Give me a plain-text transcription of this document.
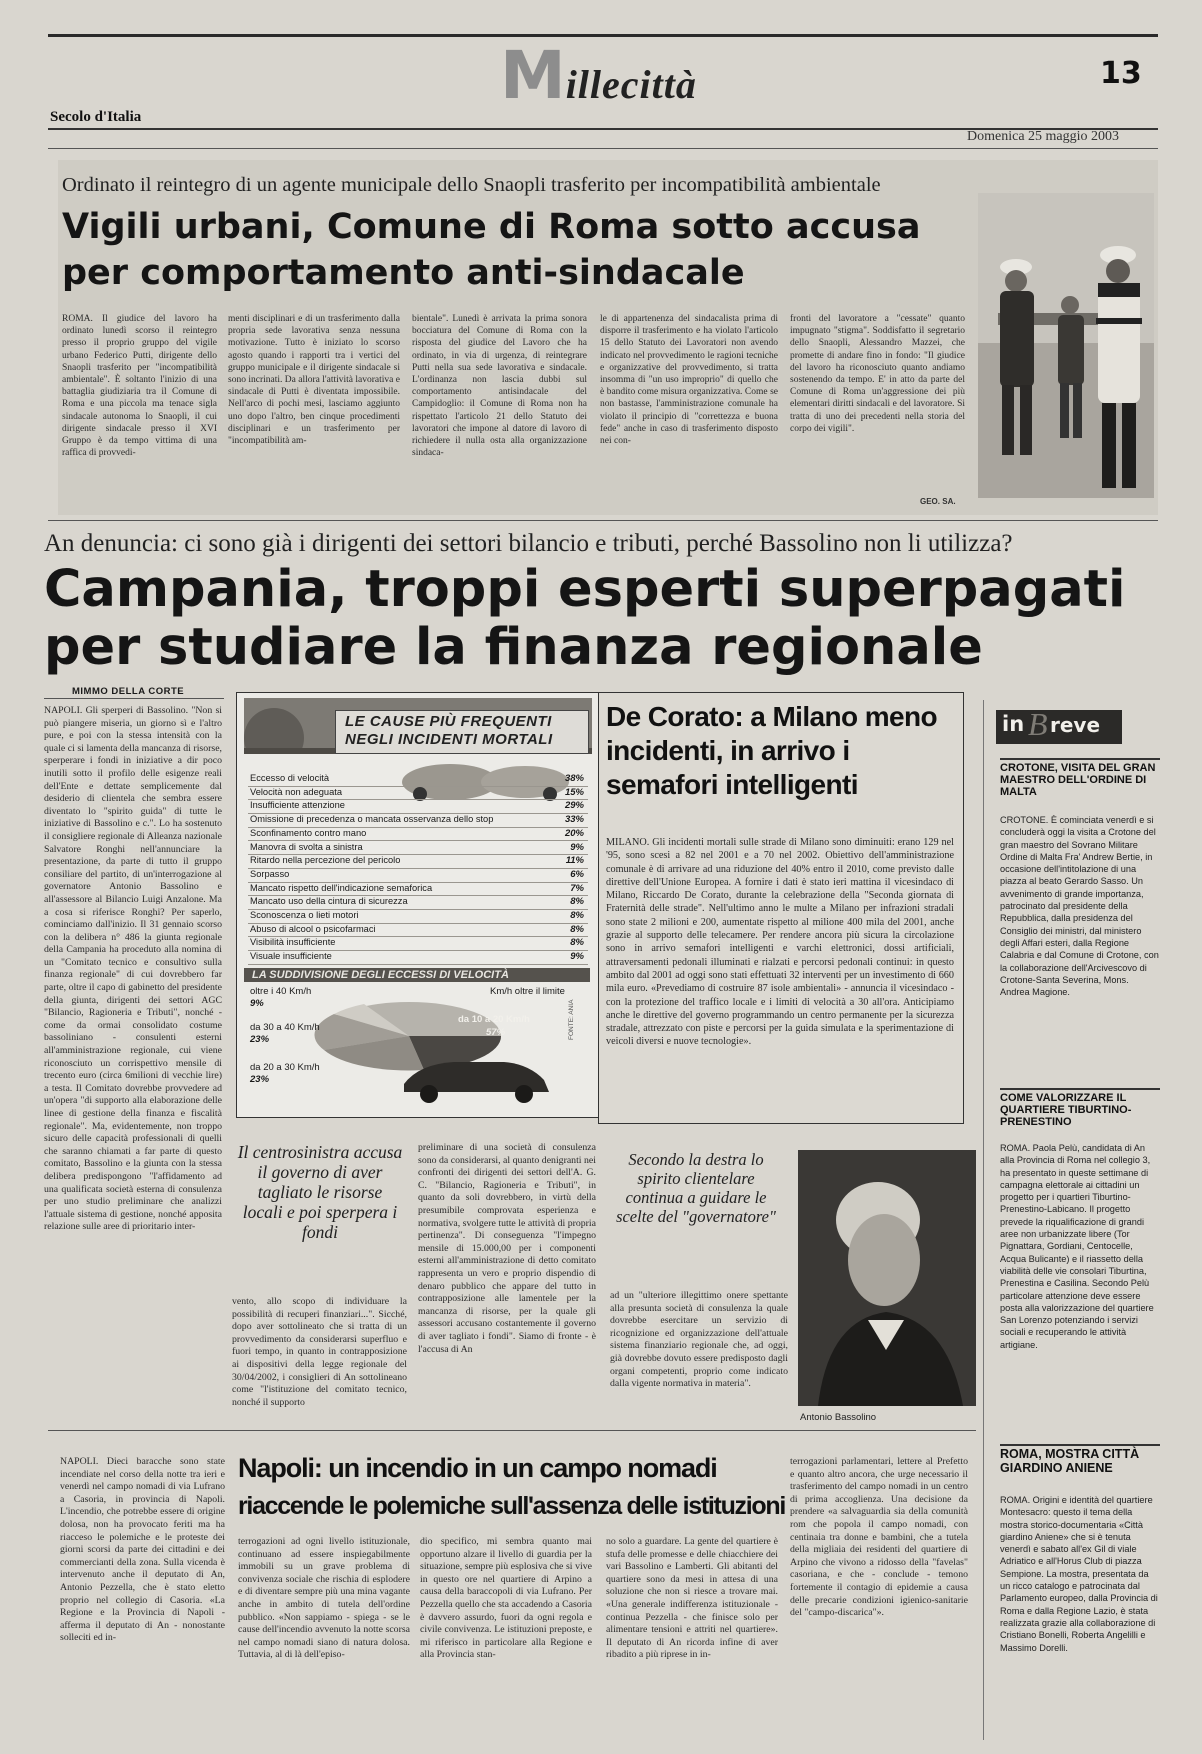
Millecittà	13
Secolo d'Italia
Domenica 25 maggio 2003
Ordinato il reintegro di un agente municipale dello Snaopli trasferito per incompatibilità ambientale
Vigili urbani, Comune di Roma sotto accusa
per comportamento anti-sindacale
ROMA. Il giudice del lavoro ha ordinato lunedì scorso il reintegro presso il proprio gruppo del vigile urbano Federico Putti, dirigente dello Snaopli trasferito per "incompatibilità ambientale". È soltanto l'inizio di una battaglia giudiziaria tra il Comune di Roma e una piccola ma tenace sigla sindacale autonoma lo Snaopli, il cui dirigente sindacale presso il XVI Gruppo è da tempo vittima di una raffica di provvedi-
menti disciplinari e di un trasferimento dalla propria sede lavorativa senza nessuna motivazione. Tutto è iniziato lo scorso agosto quando i rapporti tra i vertici del gruppo municipale e il dirigente sindacale si sono incrinati. Da allora l'attività lavorativa e sindacale di Putti è diventata impossibile. Nell'arco di pochi mesi, lasciamo aggiunto uno dopo l'altro, ben cinque procedimenti disciplinari e un trasferimento per "incompatibilità am-
bientale". Lunedì è arrivata la prima sonora bocciatura del Comune di Roma con la risposta del giudice del Lavoro che ha ordinato, in via di urgenza, di reintegrare Putti nella sua sede lavorativa e sindacale. L'ordinanza non lascia dubbi sul comportamento antisindacale del Campidoglio: il Comune di Roma non ha rispettato l'articolo 21 dello Statuto dei lavoratori che impone al datore di lavoro di richiedere il nulla osta alla organizzazione sindaca-
le di appartenenza del sindacalista prima di disporre il trasferimento e ha violato l'articolo 15 dello Statuto dei Lavoratori non avendo indicato nel provvedimento le ragioni tecniche e organizzative del provvedimento, si tratta insomma di "un uso improprio" di quello che è bandito come misura organizzativa. Come se non bastasse, l'amministrazione comunale ha violato il principio di "correttezza e buona fede" anche in caso di trasferimento disposto nei con-
fronti del lavoratore a "cessate" quanto impugnato "stigma". Soddisfatto il segretario dello Snaopli, Alessandro Mazzei, che promette di andare fino in fondo: "Il giudice del lavoro ha riconosciuto quanto andiamo sostenendo da tempo. E' in atto da parte del Comune di Roma un'aggressione dei più elementari diritti sindacali e del lavoratore. Si tratta di uno dei precedenti nella storia del corpo dei vigili".
GEO. SA.
An denuncia: ci sono già i dirigenti dei settori bilancio e tributi, perché Bassolino non li utilizza?
Campania, troppi esperti superpagati
per studiare la finanza regionale
MIMMO DELLA CORTE
NAPOLI. Gli sperperi di Bassolino. "Non si può piangere miseria, un giorno sì e l'altro pure, e poi con la stessa intensità con la quale ci si lamenta della mancanza di risorse, sperperare i fondi in iniziative a dir poco inutili sotto il profilo delle esigenze reali dell'Ente e dettate semplicemente dal desiderio di clientela che sembra essere diventato lo "spirito guida" di tutte le iniziative di Bassolino e c.". Lo ha sostenuto il consigliere regionale di Alleanza nazionale Salvatore Ronghi nell'annunciare la presentazione, da parte di tutto il gruppo consiliare del partito, di un'interrogazione al governatore Antonio Bassolino e all'assessore al Bilancio Luigi Anzalone. Ma a cosa si riferisce Ronghi? Per saperlo, cominciamo dall'inizio. Il 31 gennaio scorso con la delibera n° 486 la giunta regionale della Campania ha proceduto alla nomina di un "Comitato tecnico e consultivo sulla finanza regionale" di cui dovrebbero far parte, oltre il capo di gabinetto del presidente della giunta, dirigenti dei settori AGC "Bilancio, Ragioneria e Tributi", nonché - come da ormai consolidato costume bassoliniano - consulenti esterni all'amministrazione regionale, cui viene riconosciuto un corrispettivo mensile di trecento euro (circa 6milioni di vecchie lire) a testa. Il Comitato dovrebbe provvedere ad un'opera "di supporto alla elaborazione delle linee di gestione della finanza e fiscalità regionale". Ma, evidentemente, non troppo sicuro delle capacità professionali di quelli che saranno chiamati a far parte di questo comitato, Bassolino e la giunta con la stessa delibera predispongono "l'affidamento ad una qualificata società esterna di consulenza per uno studio preliminare che analizzi l'attuale sistema di gestione, nonché apposita relazione sulle aree di prioritario inter-
LE CAUSE PIÙ FREQUENTI
NEGLI INCIDENTI MORTALI
Eccesso di velocità	38%
Velocità non adeguata	15%
Insufficiente attenzione	29%
Omissione di precedenza o mancata osservanza dello stop	33%
Sconfinamento contro mano	20%
Manovra di svolta a sinistra	9%
Ritardo nella percezione del pericolo	11%
Sorpasso	6%
Mancato rispetto dell'indicazione semaforica	7%
Mancato uso della cintura di sicurezza	8%
Sconoscenza o lieti motori	8%
Abuso di alcool o psicofarmaci	8%
Visibilità insufficiente	8%
Visuale insufficiente	9%
LA SUDDIVISIONE DEGLI ECCESSI DI VELOCITÀ
oltre i 40 Km/h
9%
da 30 a 40 Km/h
23%
da 20 a 30 Km/h
23%
da 10 a 20 Km/h
57%
Km/h oltre il limite
FONTE: ANIA
De Corato: a Milano meno incidenti, in arrivo i semafori intelligenti
MILANO. Gli incidenti mortali sulle strade di Milano sono diminuiti: erano 129 nel '95, sono scesi a 82 nel 2001 e a 70 nel 2002. Obiettivo dell'amministrazione comunale è di arrivare ad una riduzione del 40% entro il 2010, come previsto dalle direttive dell'Unione Europea. A fornire i dati è stato ieri mattina il vicesindaco di Milano, Riccardo De Corato, durante la celebrazione della "Seconda giornata di Fraternità delle strade". Nell'ultimo anno le multe a Milano per infrazioni stradali sono state 2 milioni e 200, aumentate rispetto al milione 400 mila del 2001, anche grazie al supporto delle telecamere. Per rendere ancora più sicura la circolazione sono in arrivo semafori intelligenti e varchi elettronici, dossi artificiali, attraversamenti pedonali illuminati e rialzati e percorsi pedonali continui: in questo ambito dal 2001 ad oggi sono stati effettuati 32 interventi per un investimento di 660 mila euro. «Prevediamo di costruire 87 isole ambientali» - annuncia il vicesindaco - con la protezione del traffico locale e i limiti di velocità a 30 all'ora. Anticipiamo anche le direttive del governo programmando un centro permanente per la sicurezza stradale, attrezzato con piste e percorsi per la guida simulata e la sperimentazione di veicoli diversi e nuove tecnologie».
Il centrosinistra accusa il governo di aver tagliato le risorse locali e poi sperpera i fondi
vento, allo scopo di individuare la possibilità di recuperi finanziari...". Sicché, dopo aver sottolineato che si tratta di un provvedimento da considerarsi superfluo e fuori tempo, in quanto in contrapposizione ai dispositivi della legge regionale del 30/04/2002, i consiglieri di An sottolineano come "l'istituzione del comitato tecnico, nonché il supporto
preliminare di una società di consulenza sono da considerarsi, al quanto denigranti nei confronti dei dirigenti dei settori dell'A. G. C. "Bilancio, Ragioneria e Tributi", in quanto da soli dovrebbero, in virtù della presumibile comprovata esperienza e normativa, svolgere tutte le attività di propria pertinenza". Di conseguenza "l'impegno mensile di 15.000,00 per i componenti esterni all'amministrazione di detto comitato rappresenta un vero e proprio dispendio di denaro pubblico che appare del tutto in contrapposizione alle lamentele per la mancanza di risorse, per la quale gli assessori accusano costantemente il governo di aver tagliato i fondi". Siamo di fronte - è l'accusa di An
Secondo la destra lo spirito clientelare continua a guidare le scelte del "governatore"
ad un "ulteriore illegittimo onere spettante alla presunta società di consulenza la quale dovrebbe esercitare un servizio di ricognizione ed organizzazione dell'attuale sistema finanziario regionale che, ad oggi, già dovrebbe dovuto essere predisposto dagli organi competenti, proprio come indicato dalla vigente normativa in materia".
Antonio Bassolino
in B reve
CROTONE, VISITA DEL GRAN MAESTRO DELL'ORDINE DI MALTA
CROTONE. È cominciata venerdì e si concluderà oggi la visita a Crotone del gran maestro del Sovrano Militare Ordine di Malta Fra' Andrew Bertie, in occasione dell'intitolazione di una piazza al beato Gerardo Sasso. Un avvenimento di grande importanza, patrocinato dal presidente della Repubblica, dalla presidenza del Consiglio dei ministri, dal ministero degli Affari esteri, dalla Regione Calabria e dal Comune di Crotone, con la collaborazione dell'Arcivescovo di Crotone-Santa Severina, Mons. Andrea Magione.
COME VALORIZZARE IL QUARTIERE TIBURTINO-PRENESTINO
ROMA. Paola Pelù, candidata di An alla Provincia di Roma nel collegio 3, ha presentato in queste settimane di campagna elettorale ai cittadini un progetto per i quartieri Tiburtino-Prenestino-Labicano. Il progetto prevede la riqualificazione di grandi aree non urbanizzate libere (Tor Pignattara, Gordiani, Centocelle, Acqua Bulicante) e il riassetto della viabilità delle vie consolari Tiburtina, Prenestina e Casilina. Secondo Pelù particolare attenzione deve essere posta alla valorizzazione del quartiere San Lorenzo potenziando i servizi sociali e recuperando le attività artigiane.
ROMA, MOSTRA CITTÀ GIARDINO ANIENE
ROMA. Origini e identità del quartiere Montesacro: questo il tema della mostra storico-documentaria «Città giardino Aniene» che si è tenuta venerdì e sabato all'ex Gil di viale Adriatico e all'Horus Club di piazza Sempione. La mostra, presentata da un ricco catalogo e patrocinata dal Parlamento europeo, dalla Provincia di Roma e dalla Regione Lazio, è stata realizzata grazie alla collaborazione di Cristiano Bonelli, Roberta Angelilli e Massimo Dorelli.
Napoli: un incendio in un campo nomadi
riaccende le polemiche sull'assenza delle istituzioni
NAPOLI. Dieci baracche sono state incendiate nel corso della notte tra ieri e venerdì nel campo nomadi di via Lufrano a Casoria, in provincia di Napoli. L'incendio, che potrebbe essere di origine dolosa, non ha provocato feriti ma ha riacceso le polemiche e le proteste dei giorni scorsi da parte dei cittadini e dei commercianti della zona. Sulla vicenda è intervenuto anche il deputato di An, Antonio Pezzella, che è stato eletto proprio nel collegio di Casoria. «La Regione e la Provincia di Napoli - afferma il deputato di An - nonostante solleciti ed in-
terrogazioni ad ogni livello istituzionale, continuano ad essere inspiegabilmente immobili su un grave problema di convivenza sociale che rischia di esplodere e di diventare sempre più una mina vagante anche in ambito di tutela dell'ordine pubblico. «Non sappiamo - spiega - se le cause dell'incendio avvenuto la notte scorsa nel campo nomadi siano di natura dolosa. Tuttavia, al di là dell'episo-
dio specifico, mi sembra quanto mai opportuno alzare il livello di guardia per la situazione, sempre più esplosiva che si vive in questo ore nel quartiere di Arpino a causa della baraccopoli di via Lufrano. Per Pezzella quello che sta accadendo a Casoria è davvero assurdo, fuori da ogni regola e civile convivenza. Le istituzioni preposte, e mi riferisco in particolare alla Regione e alla Provincia stan-
no solo a guardare. La gente del quartiere è stufa delle promesse e delle chiacchiere dei vari Bassolino e Lamberti. Gli abitanti del quartiere sono da mesi in attesa di una soluzione che non si riesce a trovare mai. «Una generale indifferenza istituzionale - continua Pezzella - che finisce solo per alimentare tensioni e attriti nel quartiere». Il deputato di An ricorda infine di aver ribadito a più riprese in in-
terrogazioni parlamentari, lettere al Prefetto e quanto altro ancora, che urge necessario il trasferimento del campo nomadi in un centro di prima accoglienza. Una decisione da prendere «a salvaguardia sia della comunità rom che popola il campo nomadi, con centinaia tra donne e bambini, che a tutela della migliaia dei residenti del quartiere di Arpino che vivono a ridosso della "favelas" casoriana, e che - conclude - temono fortemente il contagio di epidemie a causa delle precarie condizioni igienico-sanitarie del "campo-discarica"».
